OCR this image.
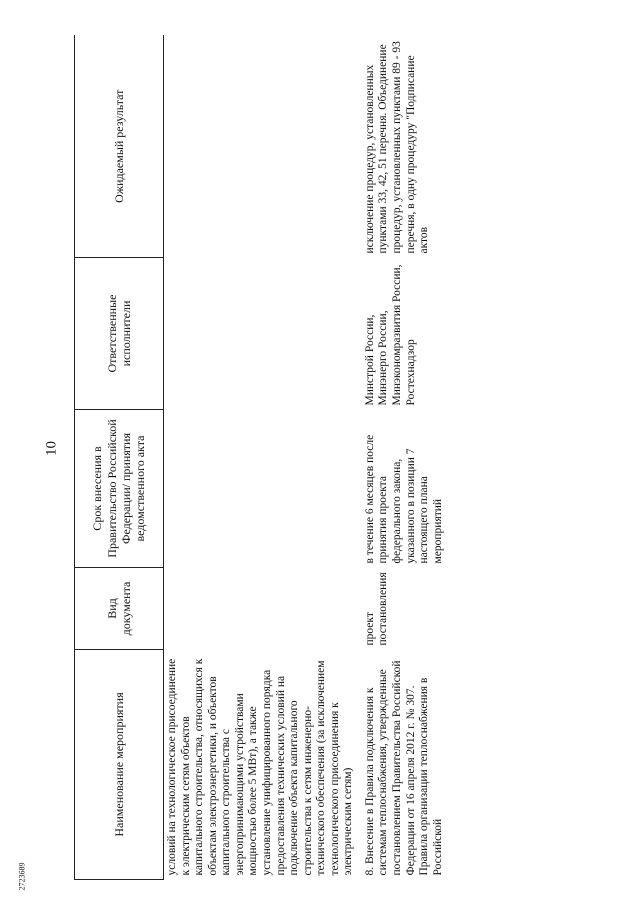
10
Наименование мероприятия	Вид документа	Срок внесения в Правительство Российской Федерации/ принятия ведомственного акта	Ответственные исполнители	Ожидаемый результат
условий на технологическое присоединение к электрическим сетям объектов капитального строительства, относящихся к объектам электроэнергетики, и объектов капитального строительства с энергопринимающими устройствами мощностью более 5 МВт), а также установление унифицированного порядка предоставления технических условий на подключение объекта капитального строительства к сетям инженерно-технического обеспечения (за исключением технологического присоединения к электрическим сетям)				
8. Внесение в Правила подключения к системам теплоснабжения, утвержденные постановлением Правительства Российской Федерации от 16 апреля 2012 г. № 307. Правила организации теплоснабжения в Российской	проект постановления	в течение 6 месяцев после принятия проекта федерального закона, указанного в позиции 7 настоящего плана мероприятий	Минстрой России, Минэнерго России, Минэкономразвития России, Ростехнадзор	исключение процедур, установленных пунктами 33, 42, 51 перечня. Объединение процедур, установленных пунктами 89 - 93 перечня, в одну процедуру "Подписание актов
2723689
